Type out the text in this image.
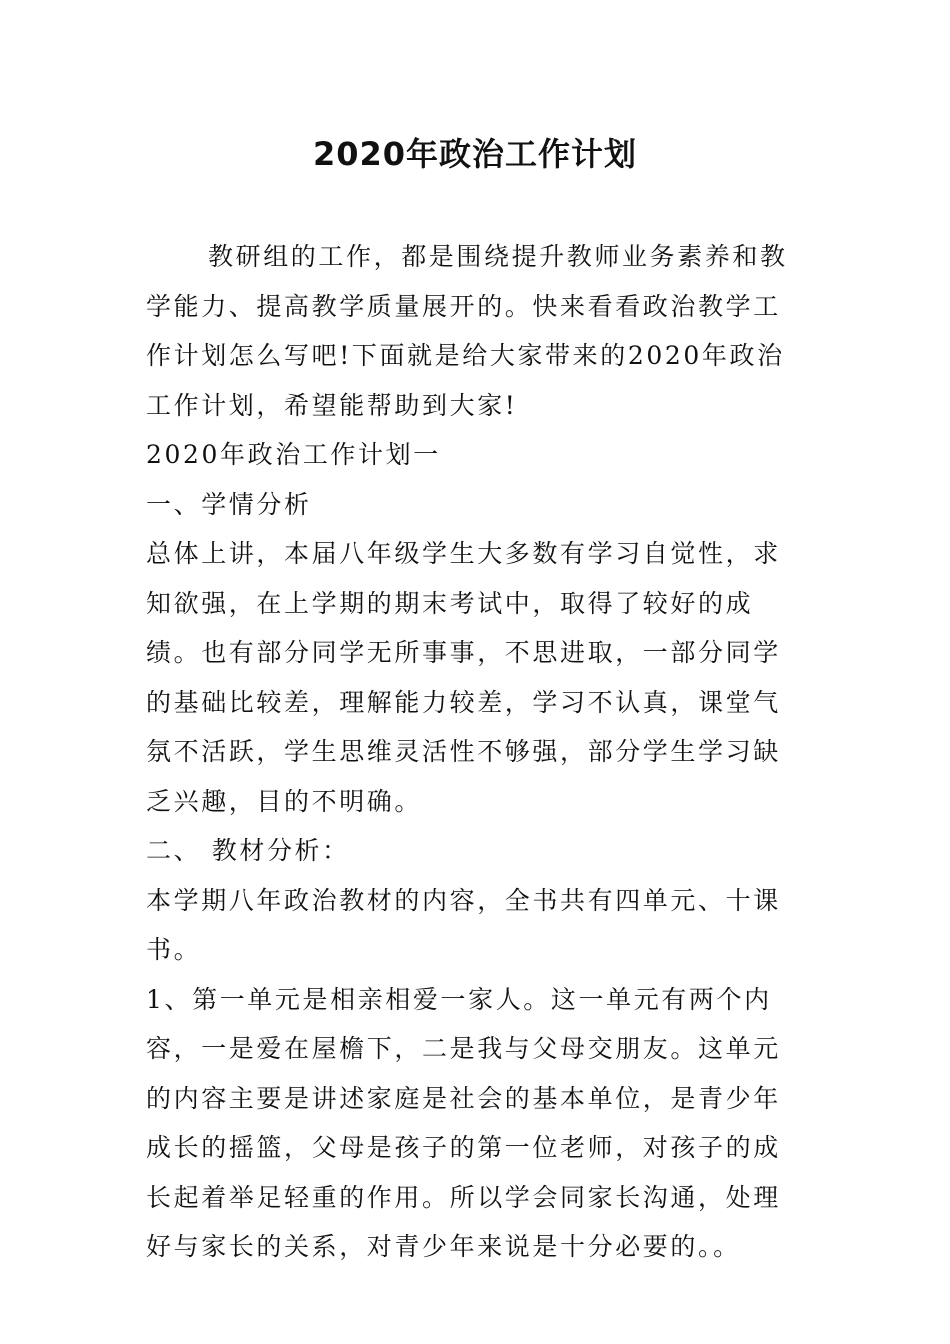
2020年政治工作计划

教研组的工作，都是围绕提升教师业务素养和教学能力、提高教学质量展开的。快来看看政治教学工作计划怎么写吧!下面就是给大家带来的2020年政治工作计划，希望能帮助到大家!

2020年政治工作计划一

一、学情分析

总体上讲，本届八年级学生大多数有学习自觉性，求知欲强，在上学期的期末考试中，取得了较好的成绩。也有部分同学无所事事，不思进取，一部分同学的基础比较差，理解能力较差，学习不认真，课堂气氛不活跃，学生思维灵活性不够强，部分学生学习缺乏兴趣，目的不明确。

二、 教材分析：

本学期八年政治教材的内容，全书共有四单元、十课书。

1、第一单元是相亲相爱一家人。这一单元有两个内容，一是爱在屋檐下，二是我与父母交朋友。这单元的内容主要是讲述家庭是社会的基本单位，是青少年成长的摇篮，父母是孩子的第一位老师，对孩子的成长起着举足轻重的作用。所以学会同家长沟通，处理好与家长的关系，对青少年来说是十分必要的。。
